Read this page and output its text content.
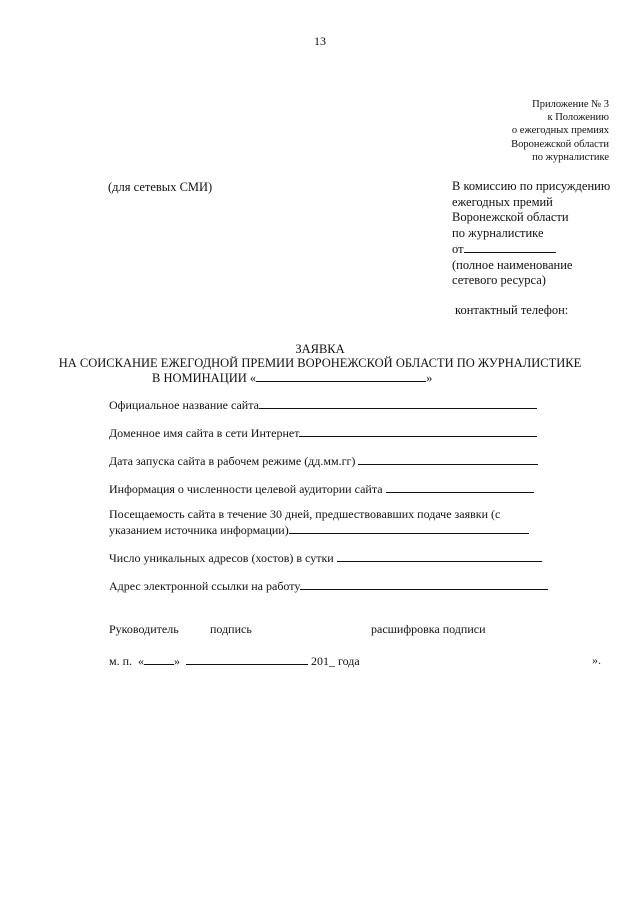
13
Приложение № 3
к Положению
о ежегодных премиях
Воронежской области
по журналистике
(для сетевых СМИ)	В комиссию по присуждению
ежегодных премий
Воронежской области
по журналистике
от
(полное наименование
сетевого ресурса)
контактный телефон:
ЗАЯВКА
НА СОИСКАНИЕ ЕЖЕГОДНОЙ ПРЕМИИ ВОРОНЕЖСКОЙ ОБЛАСТИ ПО ЖУРНАЛИСТИКЕ
В НОМИНАЦИИ «	»
Официальное название сайта
Доменное имя сайта в сети Интернет
Дата запуска сайта в рабочем режиме (дд.мм.гг)
Информация о численности целевой аудитории сайта
Посещаемость сайта в течение 30 дней, предшествовавших подаче заявки (с
указанием источника информации)
Число уникальных адресов (хостов) в сутки
Адрес электронной ссылки на работу
Руководитель	подпись	расшифровка подписи
м. п. «	»	201_ года	».
